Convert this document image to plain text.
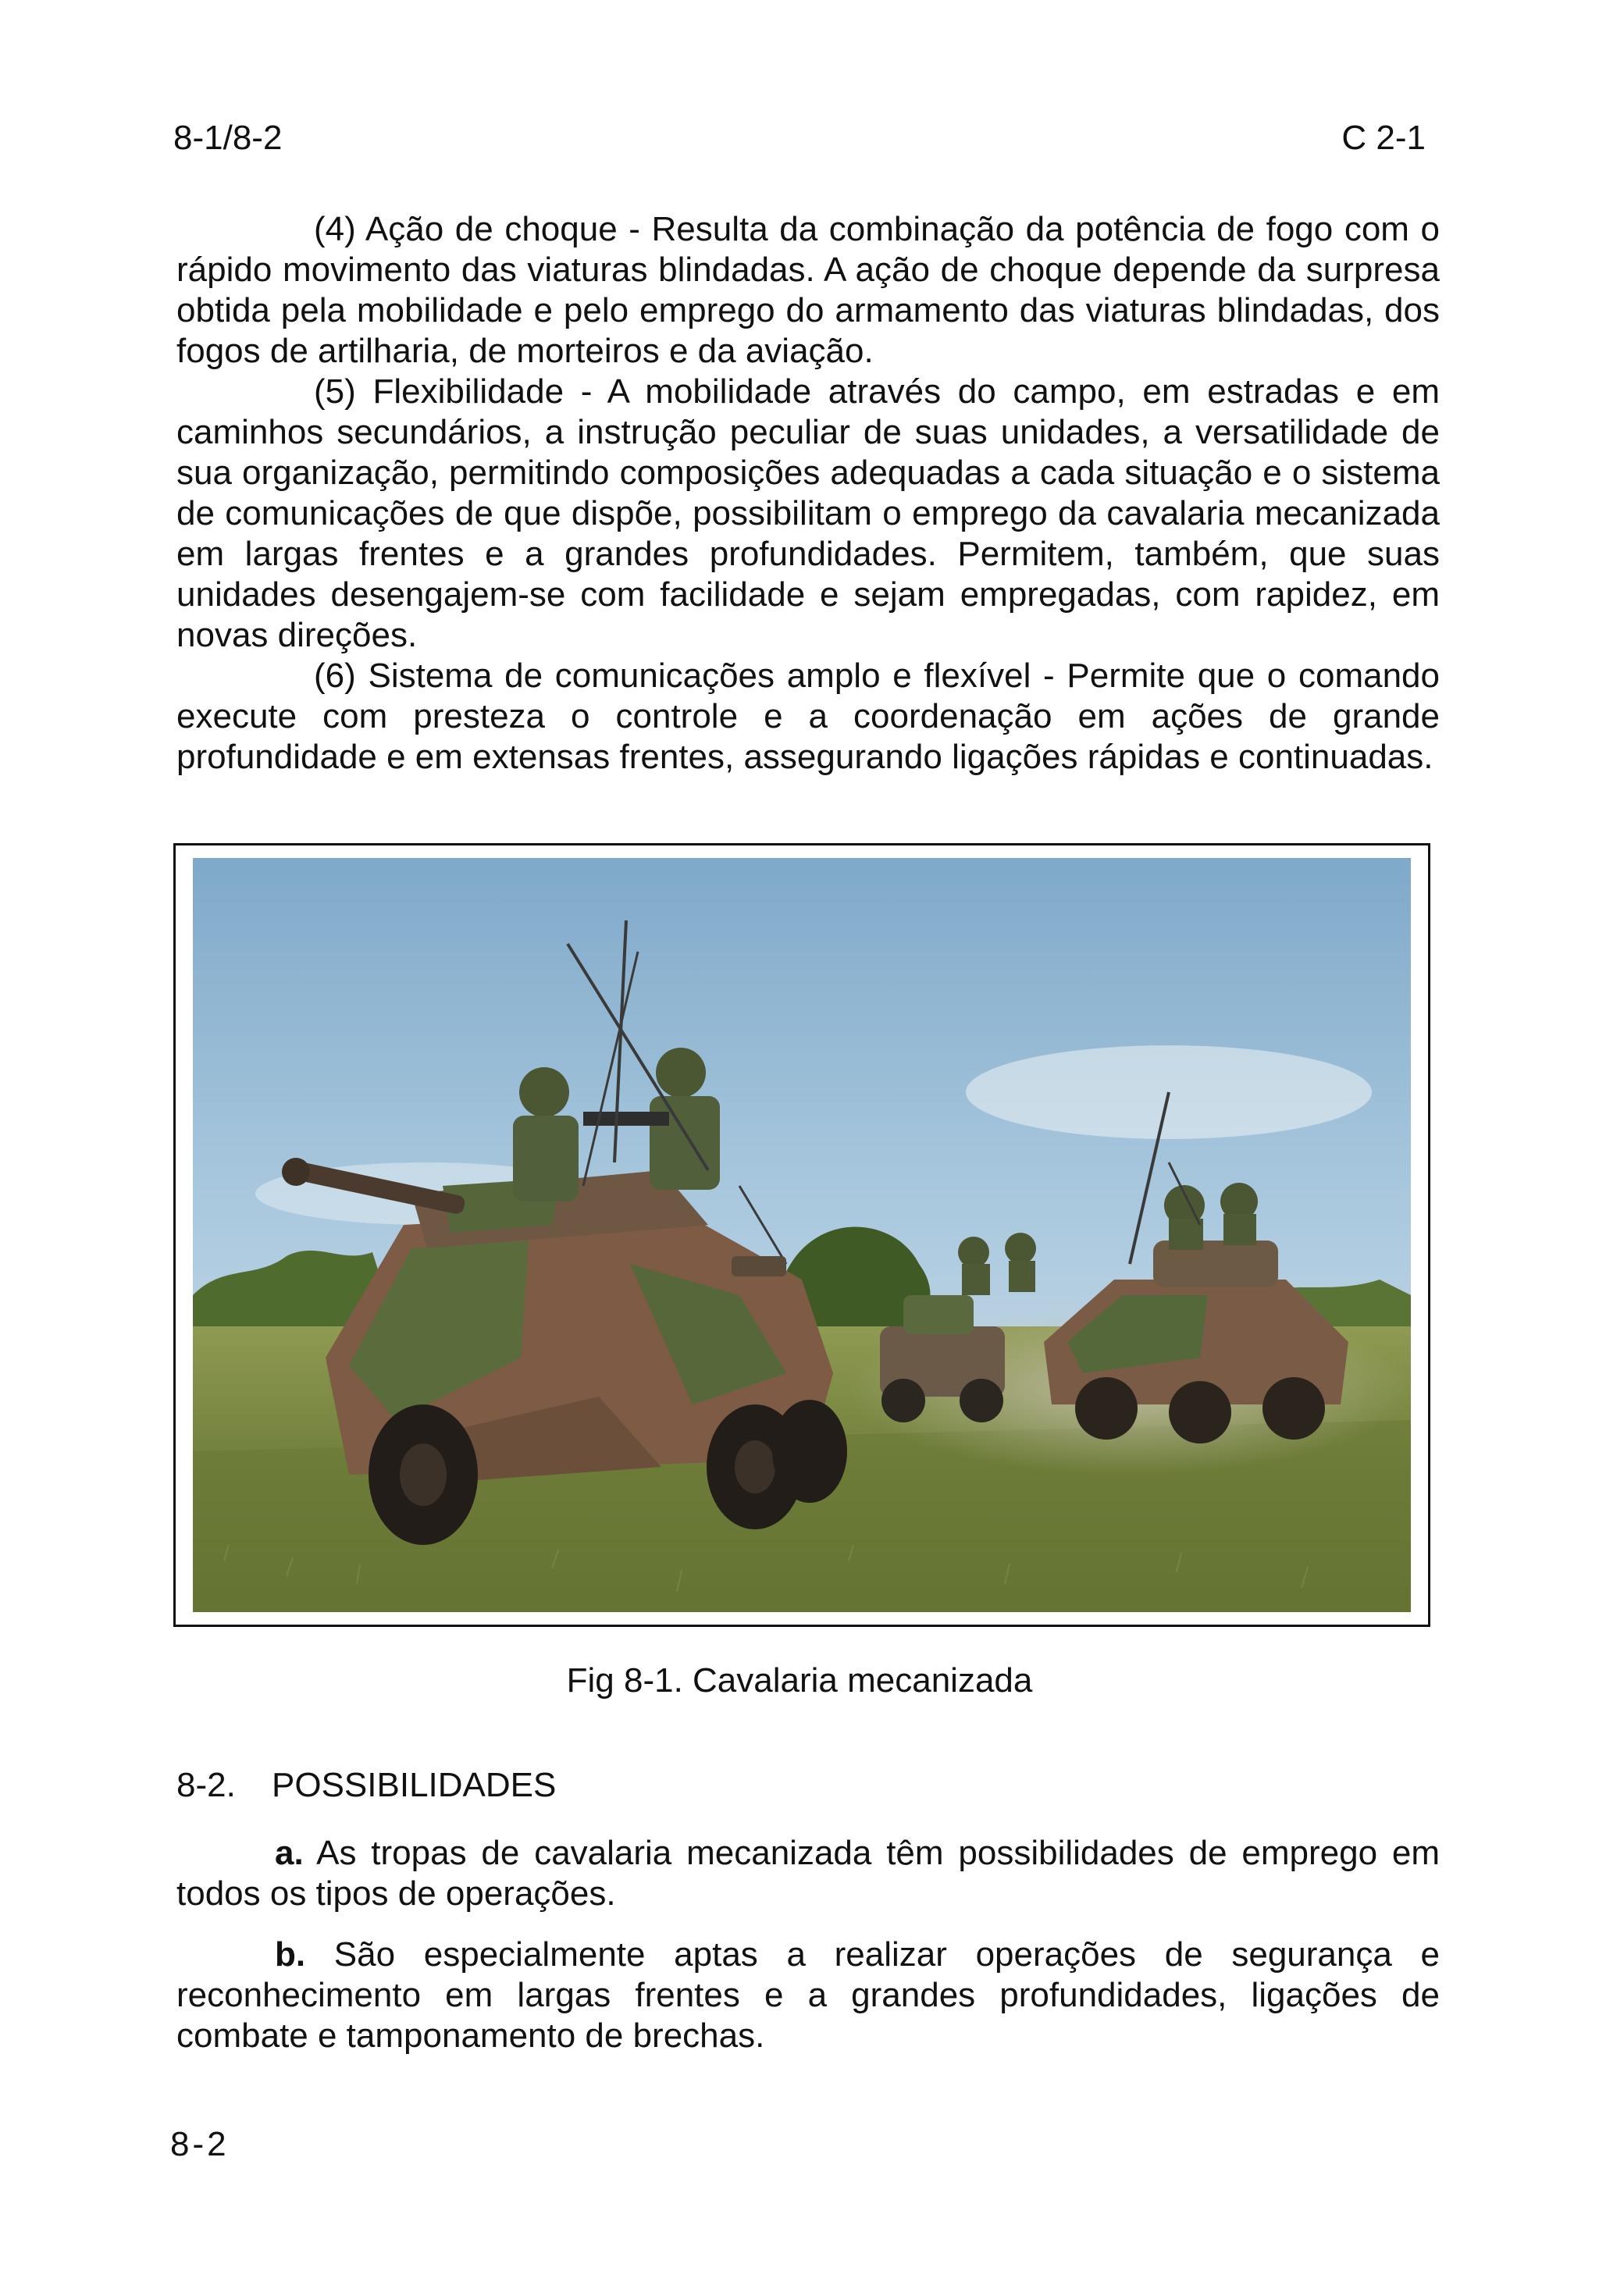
8-1/8-2	C 2-1

(4) Ação de choque - Resulta da combinação da potência de fogo com o rápido movimento das viaturas blindadas. A ação de choque depende da surpresa obtida pela mobilidade e pelo emprego do armamento das viaturas blindadas, dos fogos de artilharia, de morteiros e da aviação.

(5) Flexibilidade - A mobilidade através do campo, em estradas e em caminhos secundários, a instrução peculiar de suas unidades, a versatilidade de sua organização, permitindo composições adequadas a cada situação e o sistema de comunicações de que dispõe, possibilitam o emprego da cavalaria mecanizada em largas frentes e a grandes profundidades. Permitem, também, que suas unidades desengajem-se com facilidade e sejam empregadas, com rapidez, em novas direções.

(6) Sistema de comunicações amplo e flexível - Permite que o comando execute com presteza o controle e a coordenação em ações de grande profundidade e em extensas frentes, assegurando ligações rápidas e continuadas.

Fig 8-1. Cavalaria mecanizada
8-2. POSSIBILIDADES

a. As tropas de cavalaria mecanizada têm possibilidades de emprego em todos os tipos de operações.

b. São especialmente aptas a realizar operações de segurança e reconhecimento em largas frentes e a grandes profundidades, ligações de combate e tamponamento de brechas.

8-2
